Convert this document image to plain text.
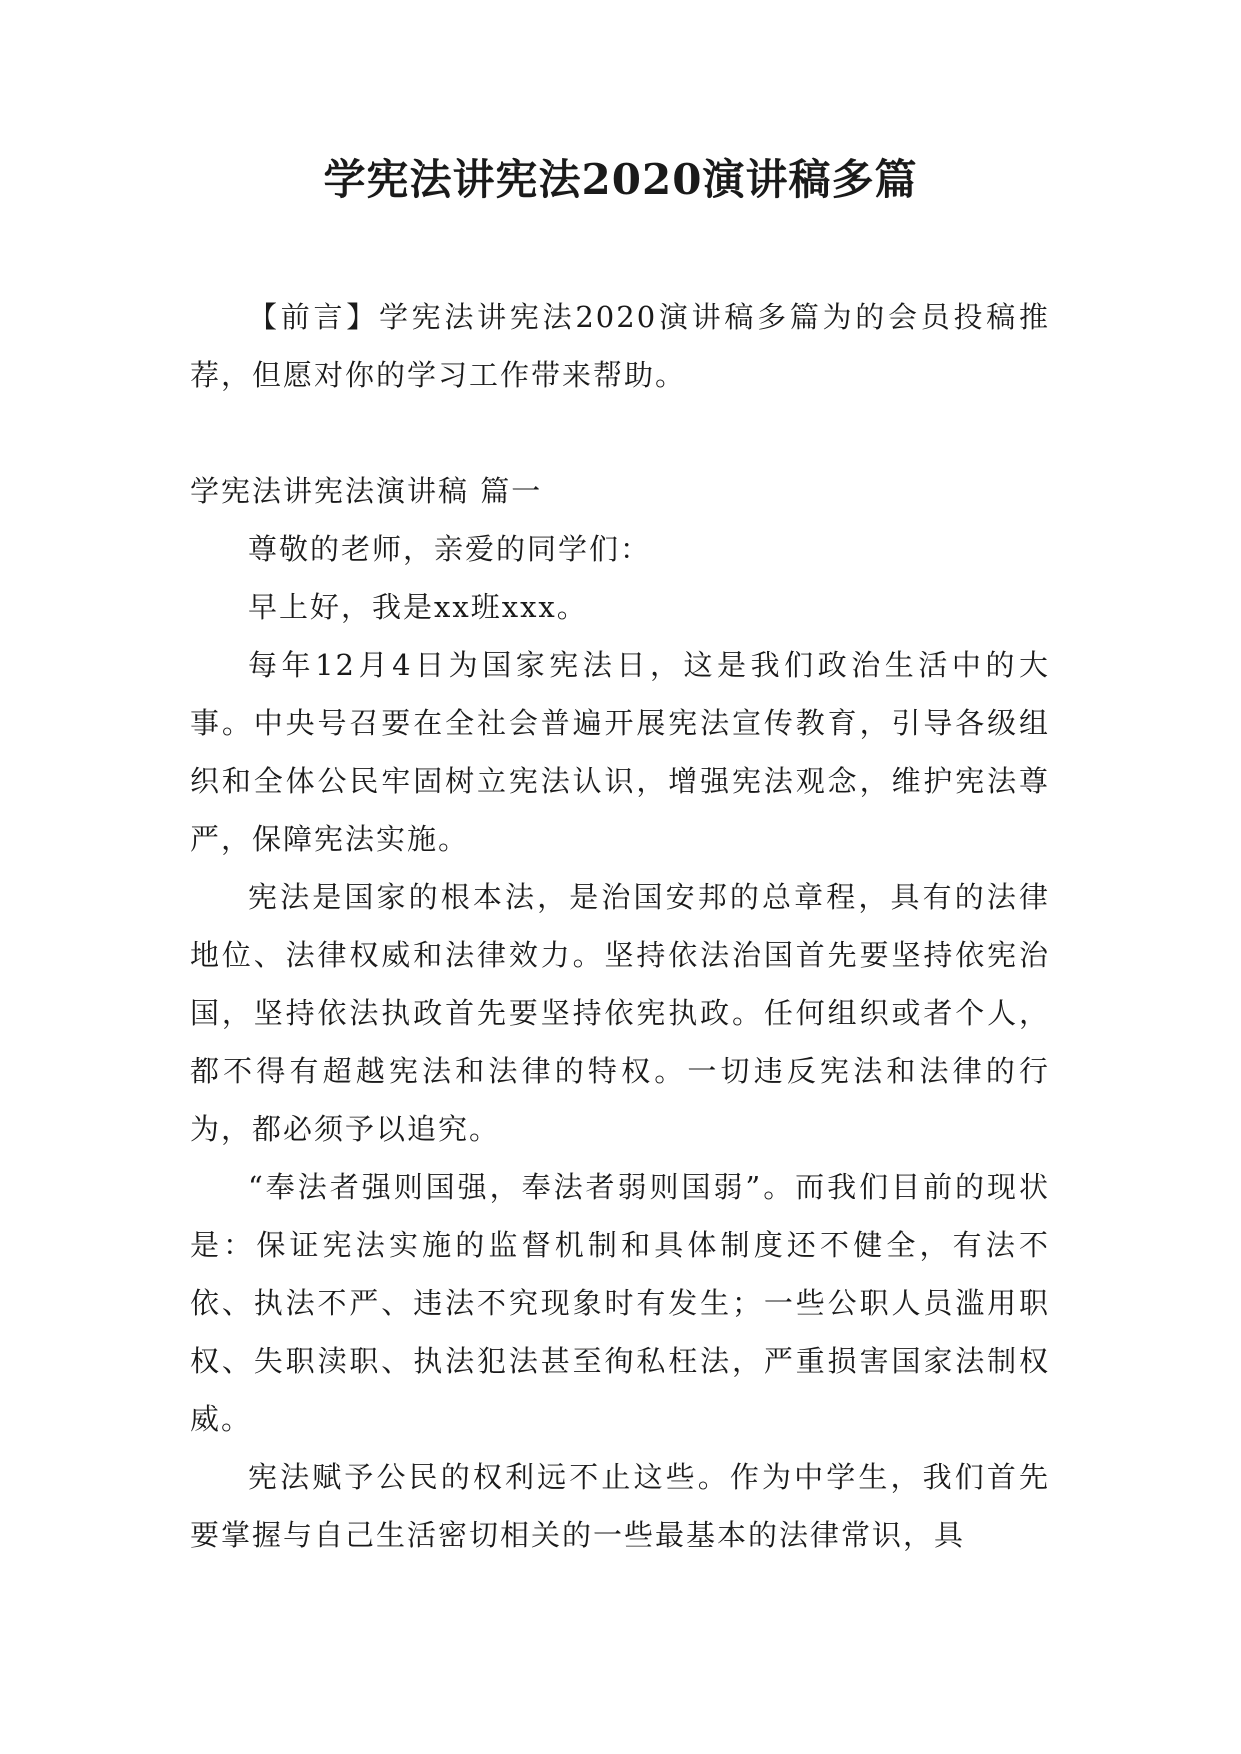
学宪法讲宪法2020演讲稿多篇

【前言】学宪法讲宪法2020演讲稿多篇为的会员投稿推荐，但愿对你的学习工作带来帮助。

学宪法讲宪法演讲稿 篇一

尊敬的老师，亲爱的同学们：

早上好，我是xx班xxx。

每年12月4日为国家宪法日，这是我们政治生活中的大事。中央号召要在全社会普遍开展宪法宣传教育，引导各级组织和全体公民牢固树立宪法认识，增强宪法观念，维护宪法尊严，保障宪法实施。

宪法是国家的根本法，是治国安邦的总章程，具有的法律地位、法律权威和法律效力。坚持依法治国首先要坚持依宪治国，坚持依法执政首先要坚持依宪执政。任何组织或者个人，都不得有超越宪法和法律的特权。一切违反宪法和法律的行为，都必须予以追究。

“奉法者强则国强，奉法者弱则国弱”。而我们目前的现状是：保证宪法实施的监督机制和具体制度还不健全，有法不依、执法不严、违法不究现象时有发生；一些公职人员滥用职权、失职渎职、执法犯法甚至徇私枉法，严重损害国家法制权威。

宪法赋予公民的权利远不止这些。作为中学生，我们首先要掌握与自己生活密切相关的一些最基本的法律常识，具
